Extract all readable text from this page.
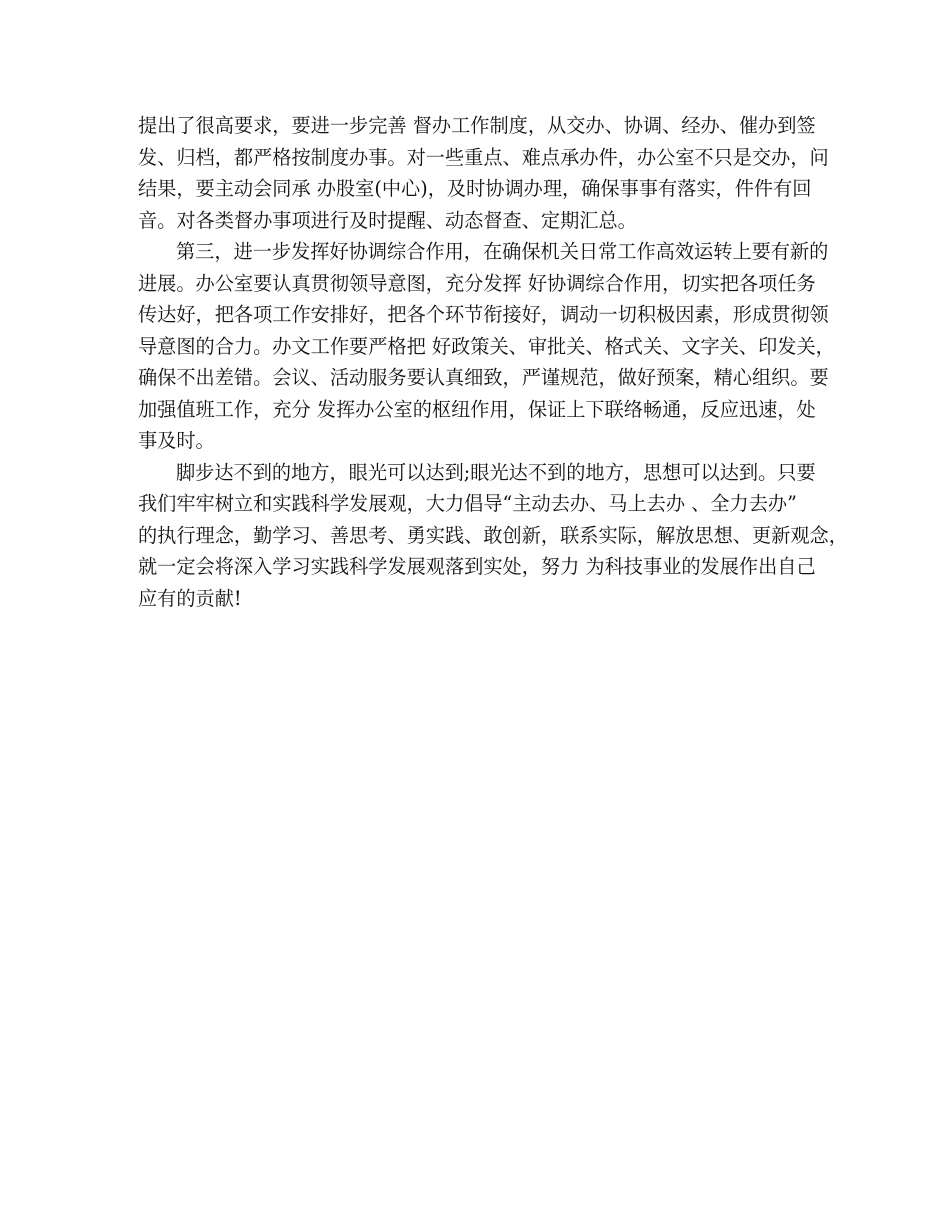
提出了很高要求，要进一步完善 督办工作制度，从交办、协调、经办、催办到签
发、归档，都严格按制度办事。对一些重点、难点承办件，办公室不只是交办，问
结果，要主动会同承 办股室(中心)，及时协调办理，确保事事有落实，件件有回
音。对各类督办事项进行及时提醒、动态督查、定期汇总。

第三，进一步发挥好协调综合作用，在确保机关日常工作高效运转上要有新的
进展。办公室要认真贯彻领导意图，充分发挥 好协调综合作用，切实把各项任务
传达好，把各项工作安排好，把各个环节衔接好，调动一切积极因素，形成贯彻领
导意图的合力。办文工作要严格把 好政策关、审批关、格式关、文字关、印发关，
确保不出差错。会议、活动服务要认真细致，严谨规范，做好预案，精心组织。要
加强值班工作，充分 发挥办公室的枢纽作用，保证上下联络畅通，反应迅速，处
事及时。

脚步达不到的地方，眼光可以达到;眼光达不到的地方，思想可以达到。只要
我们牢牢树立和实践科学发展观，大力倡导“主动去办、马上去办 、全力去办”
的执行理念，勤学习、善思考、勇实践、敢创新，联系实际，解放思想、更新观念，
就一定会将深入学习实践科学发展观落到实处，努力 为科技事业的发展作出自己
应有的贡献!
